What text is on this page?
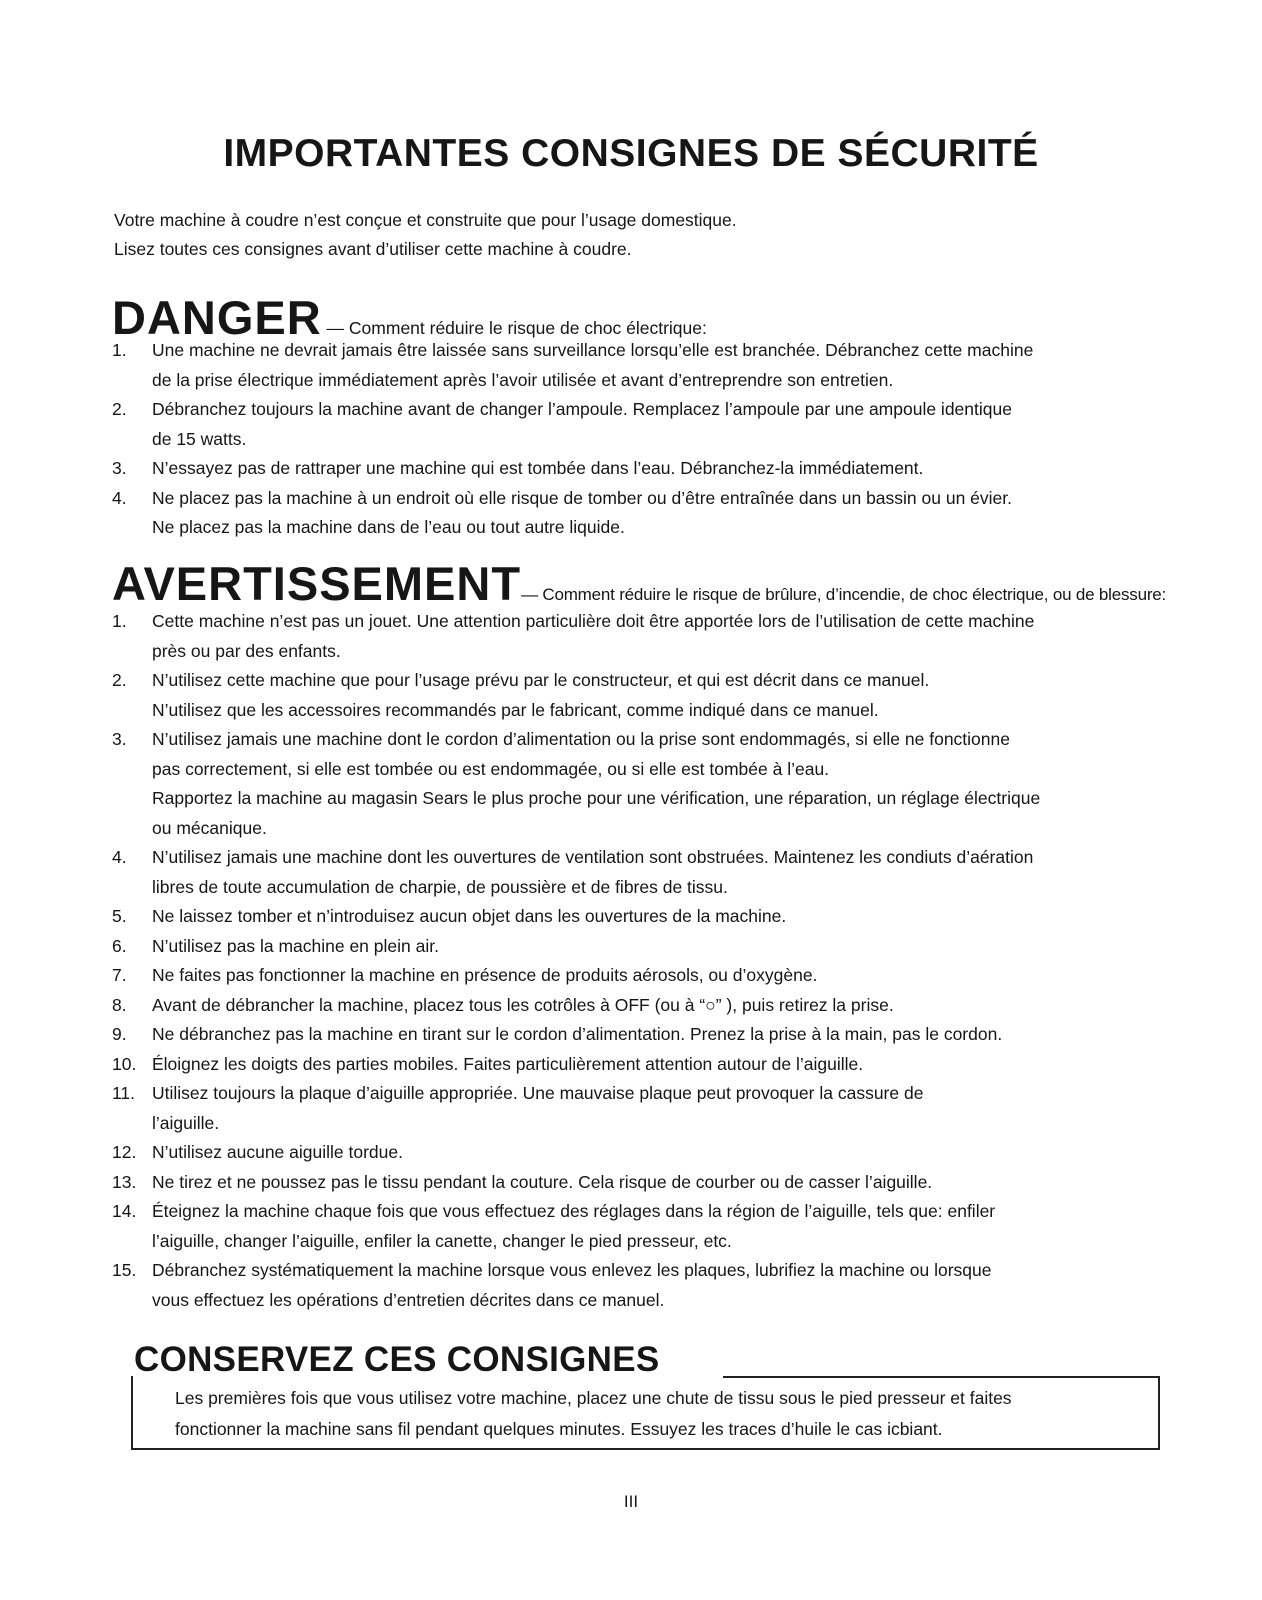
IMPORTANTES CONSIGNES DE SÉCURITÉ

Votre machine à coudre n’est conçue et construite que pour l’usage domestique.

Lisez toutes ces consignes avant d’utiliser cette machine à coudre.

DANGER — Comment réduire le risque de choc électrique:
1. Une machine ne devrait jamais être laissée sans surveillance lorsqu’elle est branchée. Débranchez cette machine
de la prise électrique immédiatement après l’avoir utilisée et avant d’entreprendre son entretien.
2. Débranchez toujours la machine avant de changer l’ampoule. Remplacez l’ampoule par une ampoule identique
de 15 watts.
3. N’essayez pas de rattraper une machine qui est tombée dans l’eau. Débranchez-la immédiatement.
4. Ne placez pas la machine à un endroit où elle risque de tomber ou d’être entraînée dans un bassin ou un évier.
Ne placez pas la machine dans de l’eau ou tout autre liquide.
AVERTISSEMENT— Comment réduire le risque de brûlure, d’incendie, de choc électrique, ou de blessure:
1. Cette machine n’est pas un jouet. Une attention particulière doit être apportée lors de l’utilisation de cette machine
près ou par des enfants.
2. N’utilisez cette machine que pour l’usage prévu par le constructeur, et qui est décrit dans ce manuel.
N’utilisez que les accessoires recommandés par le fabricant, comme indiqué dans ce manuel.
3. N’utilisez jamais une machine dont le cordon d’alimentation ou la prise sont endommagés, si elle ne fonctionne
pas correctement, si elle est tombée ou est endommagée, ou si elle est tombée à l’eau.
Rapportez la machine au magasin Sears le plus proche pour une vérification, une réparation, un réglage électrique
ou mécanique.
4. N’utilisez jamais une machine dont les ouvertures de ventilation sont obstruées. Maintenez les condiuts d’aération
libres de toute accumulation de charpie, de poussière et de fibres de tissu.
5. Ne laissez tomber et n’introduisez aucun objet dans les ouvertures de la machine.
6. N’utilisez pas la machine en plein air.
7. Ne faites pas fonctionner la machine en présence de produits aérosols, ou d’oxygène.
8. Avant de débrancher la machine, placez tous les cotrôles à OFF (ou à “○” ), puis retirez la prise.
9. Ne débranchez pas la machine en tirant sur le cordon d’alimentation. Prenez la prise à la main, pas le cordon.
10. Éloignez les doigts des parties mobiles. Faites particulièrement attention autour de l’aiguille.
11. Utilisez toujours la plaque d’aiguille appropriée. Une mauvaise plaque peut provoquer la cassure de
l’aiguille.
12. N’utilisez aucune aiguille tordue.
13. Ne tirez et ne poussez pas le tissu pendant la couture. Cela risque de courber ou de casser l’aiguille.
14. Éteignez la machine chaque fois que vous effectuez des réglages dans la région de l’aiguille, tels que: enfiler
l’aiguille, changer l’aiguille, enfiler la canette, changer le pied presseur, etc.
15. Débranchez systématiquement la machine lorsque vous enlevez les plaques, lubrifiez la machine ou lorsque
vous effectuez les opérations d’entretien décrites dans ce manuel.
CONSERVEZ CES CONSIGNES
Les premières fois que vous utilisez votre machine, placez une chute de tissu sous le pied presseur et faites
fonctionner la machine sans fil pendant quelques minutes. Essuyez les traces d’huile le cas icbiant.
III
